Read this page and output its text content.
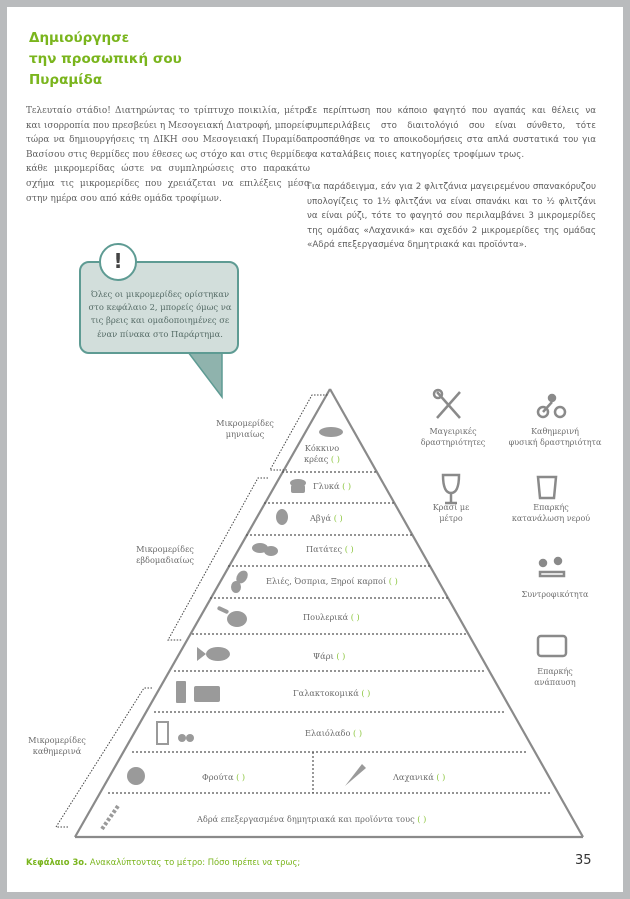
Δημιούργησε
την προσωπική σου
Πυραμίδα
Τελευταίο στάδιο! Διατηρώντας το τρίπτυχο ποικιλία, μέτρο και ισορροπία που πρεσβεύει η Μεσογειακή Διατροφή, μπορείς τώρα να δημιουργήσεις τη ΔΙΚΗ σου Μεσογειακή Πυραμίδα. Βασίσου στις θερμίδες που έθεσες ως στόχο και στις θερμίδες κάθε μικρομερίδας ώστε να συμπληρώσεις στο παρακάτω σχήμα τις μικρομερίδες που χρειάζεται να επιλέξεις μέσα στην ημέρα σου από κάθε ομάδα τροφίμων.
Σε περίπτωση που κάποιο φαγητό που αγαπάς και θέλεις να συμπεριλάβεις στο διαιτολόγιό σου είναι σύνθετο, τότε προσπάθησε να το αποικοδομήσεις στα απλά συστατικά του για να καταλάβεις ποιες κατηγορίες τροφίμων τρως.
Για παράδειγμα, εάν για 2 φλιτζάνια μαγειρεμένου σπανακόρυζου υπολογίζεις το 1½ φλιτζάνι να είναι σπανάκι και το ½ φλιτζάνι να είναι ρύζι, τότε το φαγητό σου περιλαμβάνει 3 μικρομερίδες της ομάδας «Λαχανικά» και σχεδόν 2 μικρομερίδες της ομάδας «Αδρά επεξεργασμένα δημητριακά και προϊόντα».
Όλες οι μικρομερίδες ορίστηκαν στο κεφάλαιο 2, μπορείς όμως να τις βρεις και ομαδοποιημένες σε έναν πίνακα στο Παράρτημα.
!
Μικρομερίδες
μηνιαίως
Μικρομερίδες
εβδομαδιαίως
Μικρομερίδες
καθημερινά
Κόκκινο
κρέας ( )
Γλυκά ( )
Αβγά ( )
Πατάτες ( )
Ελιές, Όσπρια, Ξηροί καρποί ( )
Πουλερικά ( )
Ψάρι ( )
Γαλακτοκομικά ( )
Ελαιόλαδο ( )
Φρούτα ( )	Λαχανικά ( )
Αδρά επεξεργασμένα δημητριακά και προϊόντα τους ( )
Μαγειρικές
δραστηριότητες
Καθημερινή
φυσική δραστηριότητα
Κρασί με
μέτρο
Επαρκής
κατανάλωση νερού
Συντροφικότητα
Επαρκής
ανάπαυση
Κεφάλαιο 3ο. Ανακαλύπτοντας το μέτρο: Πόσο πρέπει να τρως;	35
